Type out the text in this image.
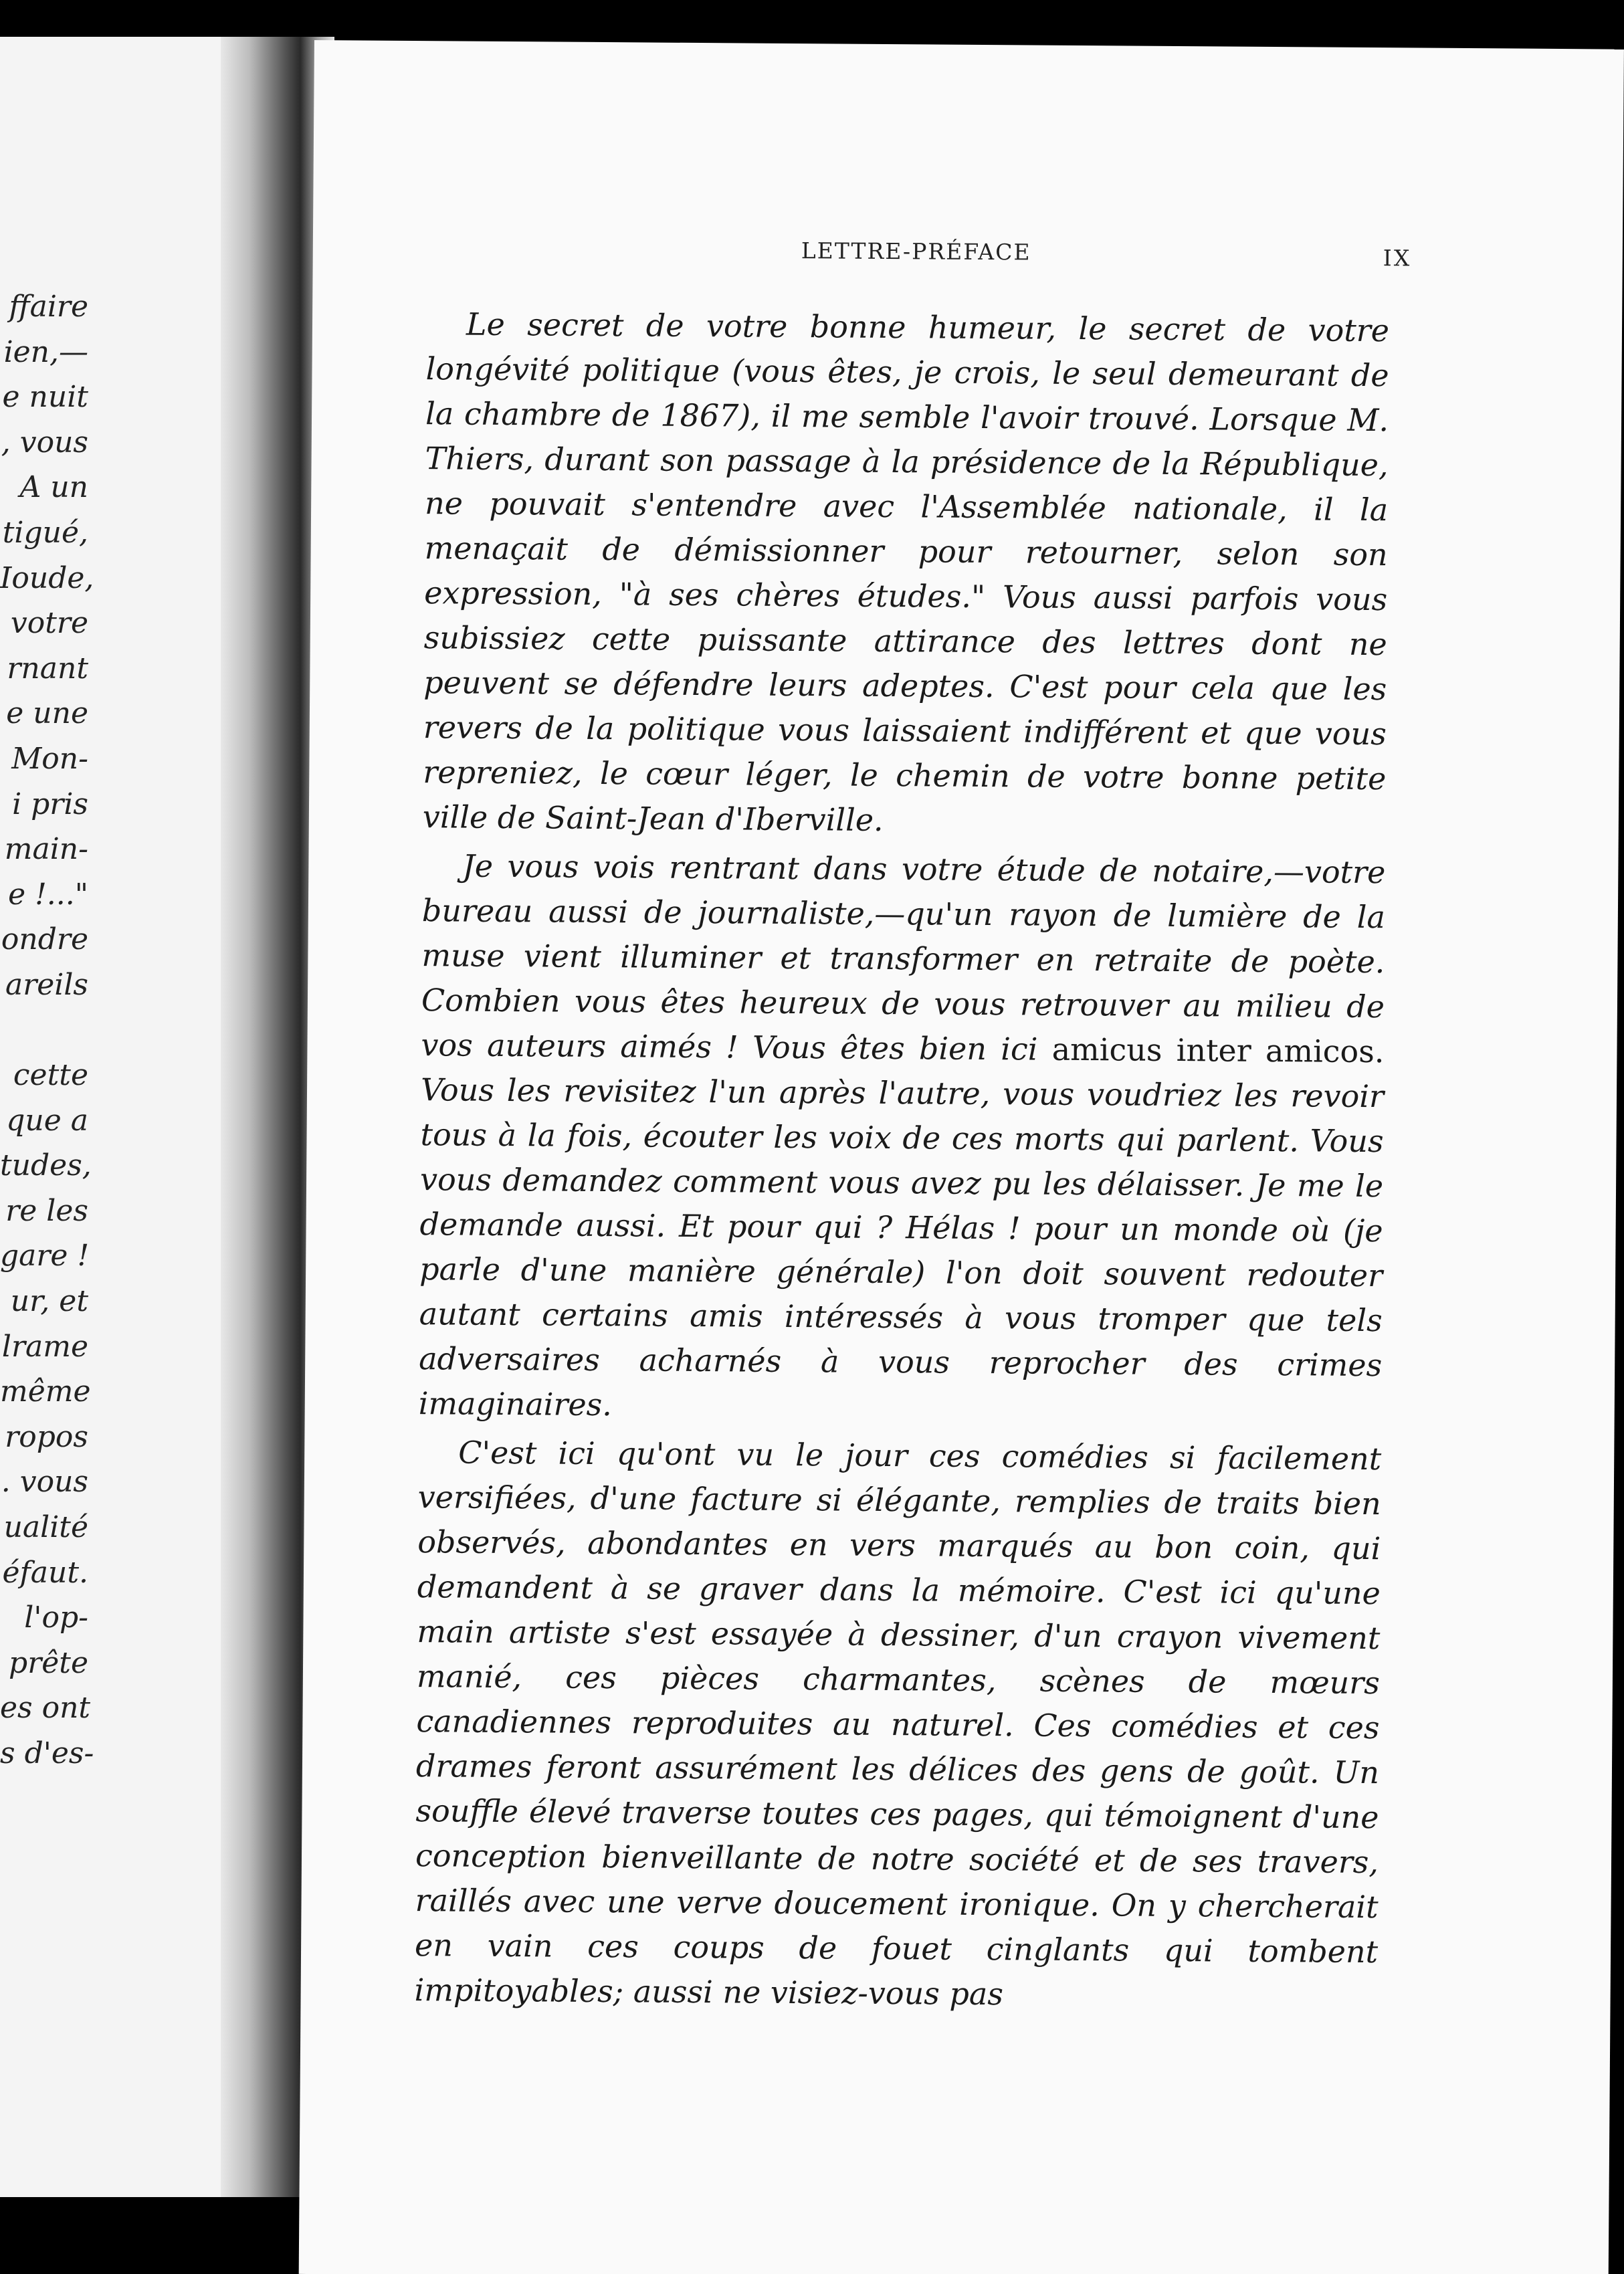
ffaire
ien,—
e nuit
, vous
A un
tigué,
Ioude,
votre
rnant
e une
Mon-
i pris
main-
e !..."
ondre
areils
cette
que a
tudes,
re les
gare !
ur, et
lrame
même
ropos
. vous
ualité
éfaut.
l'op-
prête
es ont
s d'es-
LETTRE-PRÉFACE	IX

Le secret de votre bonne humeur, le secret de votre longévité politique (vous êtes, je crois, le seul demeurant de la chambre de 1867), il me semble l'avoir trouvé. Lorsque M. Thiers, durant son passage à la présidence de la République, ne pouvait s'entendre avec l'Assemblée nationale, il la menaçait de démissionner pour retourner, selon son expression, "à ses chères études." Vous aussi parfois vous subissiez cette puissante attirance des lettres dont ne peuvent se défendre leurs adeptes. C'est pour cela que les revers de la politique vous laissaient indifférent et que vous repreniez, le cœur léger, le chemin de votre bonne petite ville de Saint-Jean d'Iberville.

Je vous vois rentrant dans votre étude de notaire,—votre bureau aussi de journaliste,—qu'un rayon de lumière de la muse vient illuminer et transformer en retraite de poète. Combien vous êtes heureux de vous retrouver au milieu de vos auteurs aimés ! Vous êtes bien ici amicus inter amicos. Vous les revisitez l'un après l'autre, vous voudriez les revoir tous à la fois, écouter les voix de ces morts qui parlent. Vous vous demandez comment vous avez pu les délaisser. Je me le demande aussi. Et pour qui ? Hélas ! pour un monde où (je parle d'une manière générale) l'on doit souvent redouter autant certains amis intéressés à vous tromper que tels adversaires acharnés à vous reprocher des crimes imaginaires.

C'est ici qu'ont vu le jour ces comédies si facilement versifiées, d'une facture si élégante, remplies de traits bien observés, abondantes en vers marqués au bon coin, qui demandent à se graver dans la mémoire. C'est ici qu'une main artiste s'est essayée à dessiner, d'un crayon vivement manié, ces pièces charmantes, scènes de mœurs canadiennes reproduites au naturel. Ces comédies et ces drames feront assurément les délices des gens de goût. Un souffle élevé traverse toutes ces pages, qui témoignent d'une conception bienveillante de notre société et de ses travers, raillés avec une verve doucement ironique. On y chercherait en vain ces coups de fouet cinglants qui tombent impitoyables; aussi ne visiez-vous pas
